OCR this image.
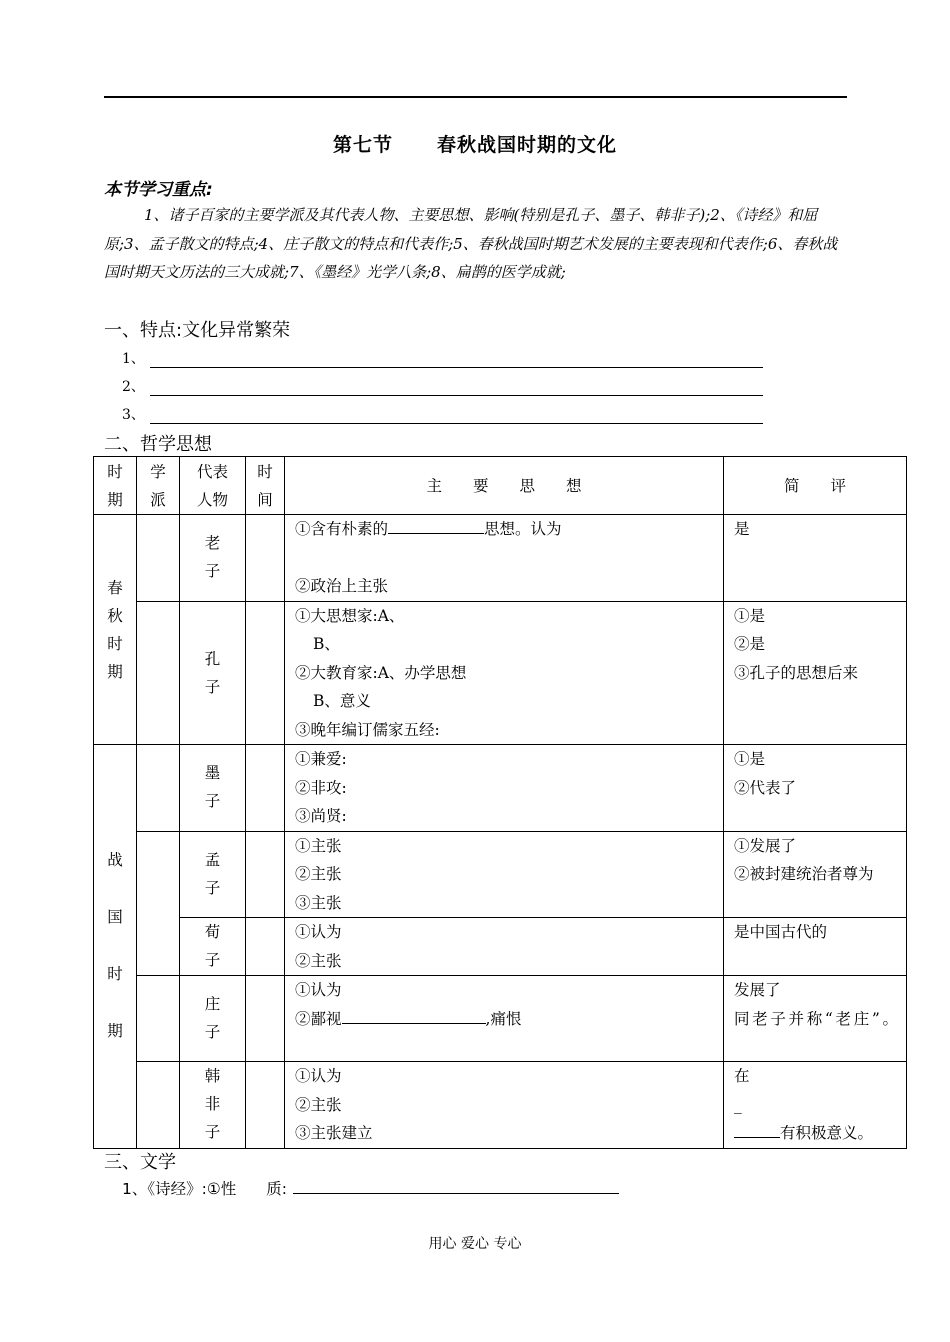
第七节 春秋战国时期的文化
本节学习重点:
1、诸子百家的主要学派及其代表人物、主要思想、影响(特别是孔子、墨子、韩非子);2、《诗经》和屈原;3、孟子散文的特点;4、庄子散文的特点和代表作;5、春秋战国时期艺术发展的主要表现和代表作;6、春秋战国时期天文历法的三大成就;7、《墨经》光学八条;8、扁鹊的医学成就;
一、特点:文化异常繁荣
1、
2、
3、
二、哲学思想
时期	学派	代表人物	时间	主　　要　　思　　想	简　　评

春秋时期		老子		①含有朴素的 思想。认为
②政治上主张	是

		孔子		①大思想家:A、
B、
②大教育家:A、办学思想
B、意义
③晚年编订儒家五经:	①是
②是
③孔子的思想后来

战国时期		墨子		①兼爱:
②非攻:
③尚贤:	①是
②代表了

		孟子		①主张
②主张
③主张	①发展了
②被封建统治者尊为

		荀子		①认为
②主张	是中国古代的

		庄子		①认为
②鄙视 ,痛恨	发展了
同老子并称“老庄”。

		韩非子		①认为
②主张
③主张建立	在
_
有积极意义。
三、文学
1、《诗经》:①性 质:
用心 爱心 专心
